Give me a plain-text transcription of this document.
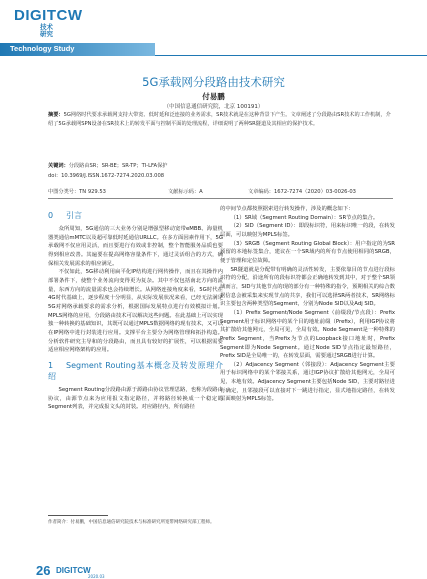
DIGITCW
技术
研究
Technology Study
5G承载网分段路由技术研究
付易鹏
（中国信息通信研究院，北京 100191）
摘要：5G网络时代要求承载网支持大带宽、低时延和泛连接的业务需求，SR技术就是在这种背景下产生。文章阐述了分段路由SR技术的工作机制，介绍了5G承载网SPN设备在SR技术上的转发平面与控制平面的处理流程，详细说明了两种SR隧道及其相应的保护技术。
关键词：分段路由SR；SR-BE；SR-TP；TI-LFA保护
doi：10.3969/J.ISSN.1672-7274.2020.03.008
中图分类号：TN 929.53	文献标示码：A	文章编码：1672-7274（2020）03-0026-03
0 引言

众所周知，5G通信的三大业务分别是增强型移动宽带eMBB、海量机器类通信mMTC以及超可靠低时延通信URLLC。在多方面因素作用下，5G承载网不仅应用灵活，而且要进行有效或非控制，整个智能服务品质也要得到相应改善。其遍要在提高网络容量条件下，通过灵活组合的方式，确保相关发展需求的相应满足。

不仅如此，5G移动利用扁平化IP结构进行网传操作，而且在其操作内部署条件下，使整个业务流向变得更为复杂。其中不仅包括南北方向的流量，东西方向的流量需求也会持续增长。从网络连接角度来看，5G时代在4G时代基础上，逐步程度十分明显，从实际发展状况来看，已经无法满足5G对网络承载要求的需求分析，根据国际发展特点进行有效模拟计划。MPLS网络的应用，分段路由技术可以解决这些问题。在此基础上可以实现独一种转换的基础知识，其既可以通过MPLS数据网络的现有技术，又可以在IP网络中进行封装进行应用。支撑平台主要分为网络管理和拓扑构造。分析软件研究主导和的分段路由，而且具有较好的扩展性，可以根据需要适应相应网络架构的应用。

1 Segment Routing基本概念及转发原理介绍

Segment Routing分段路由源于源路由协议管理思路，也称为段路由协议，由源节点来为应用报文指定路径，并将路径转换成一个稳定的Segment列表，并完成报文头的封装。对应路径内，所有路径

的中间节点都按照据索进行转发操作，涉及的概念如下：

（1）SR域（Segment Routing Domain）：SR节点的集合。

（2）SID（Segment ID）：即段标识符，用来标识唯一的段，在转发层面，可以映射为MPLS标签。

（3）SRGB（Segment Routing Global Block）：用户指定的为SR预留的本地标签集合，建议在一个SR域内的所有节点使用相同的SRGB，便于管理和定位故障。

SR隧道就是分配带有明确的灵活性转发，主要依靠目的节点进行段标识符的分配，沿途所有的段标识符都会正确地转发到其中，对于整个SR领域而言，SID与其他节点的现的部分有一种特殊的指令，预期相关的综合数据信息会被采集来实现节点的共享，我们可以选择SR两者技术，SR网络标识主要包含两种类型的Segment，分别为Node SID以及Adj SID。

（1）Prefix Segment/Node Segment（前缀段/节点段）：Prefix Segment用于标识网络中的某个目的地址前缀（Prefix），利用IGP协议将其扩散给其他网元，全局可见，全局有效。Node Segment是一种特殊的Prefix Segment，当Prefix为节点的Loopback接口地址时，Prefix Segment即为Node Segment。通过Node SID节点指定最短路径，Prefix SID是全局唯一的，在转发层面，需要通过SRGB进行计算。

（2）Adjacency Segment（邻接段）：Adjacency Segment主要用于标识网络中的某个邻接关系，通过IGP协议扩散给其他网元，全局可见，本地有效。Adjacency Segment主要包括Node SID，主要对路径进行确定，且邻接段可以直接对下一跳进行指定，显式地指定路径，在转发层面映射为MPLS标签。

作者简介：付易鹏，中国信息通信研究院技术与标准研究所宽带网络研究部工程师。
26 DIGITCW
2020.03
